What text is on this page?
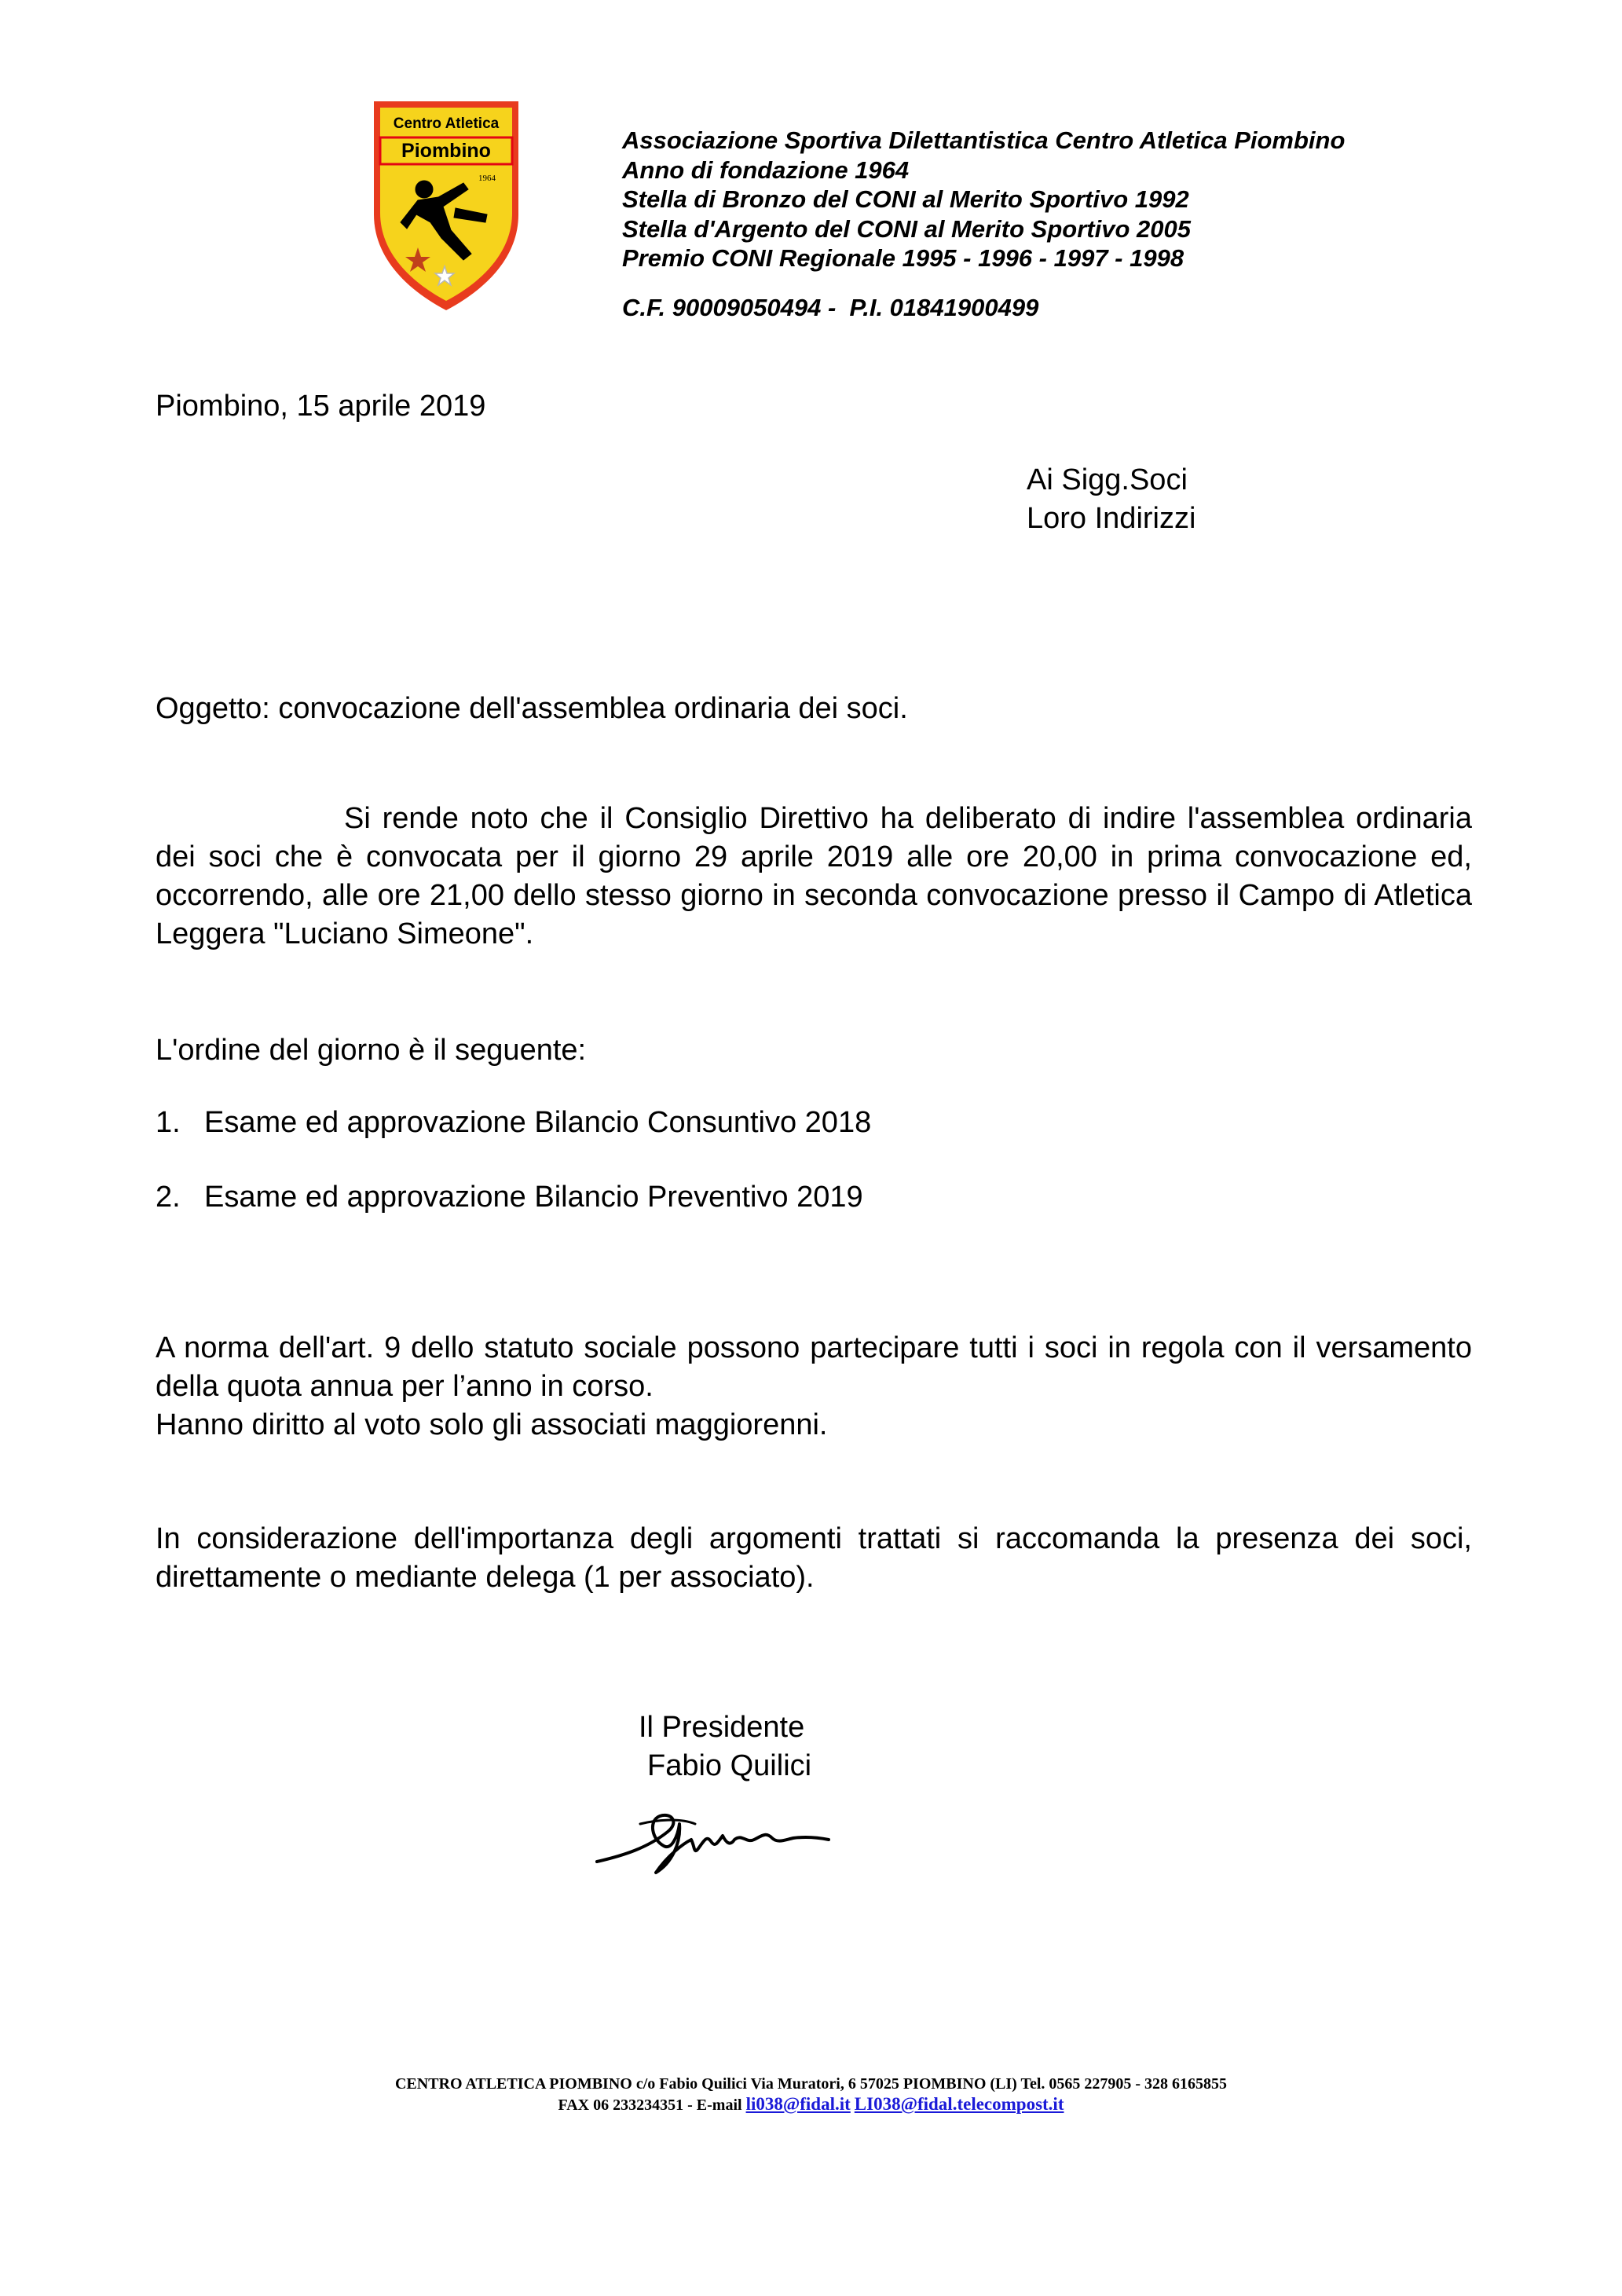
Centro Atletica
Piombino
1964
Associazione Sportiva Dilettantistica Centro Atletica Piombino
Anno di fondazione 1964
Stella di Bronzo del CONI al Merito Sportivo 1992
Stella d'Argento del CONI al Merito Sportivo 2005
Premio CONI Regionale 1995 - 1996 - 1997 - 1998
C.F. 90009050494 -  P.I. 01841900499
Piombino, 15 aprile 2019
Ai Sigg.Soci
Loro Indirizzi
Oggetto: convocazione dell'assemblea ordinaria dei soci.
Si rende noto che il Consiglio Direttivo ha deliberato di indire l'assemblea ordinaria dei soci che è convocata per il giorno 29 aprile 2019 alle ore 20,00 in prima convocazione ed, occorrendo, alle ore 21,00 dello stesso giorno in seconda convocazione presso il Campo di Atletica Leggera "Luciano Simeone".
L'ordine del giorno è il seguente:
1. Esame ed approvazione Bilancio Consuntivo 2018
2. Esame ed approvazione Bilancio Preventivo 2019
A norma dell'art. 9 dello statuto sociale possono partecipare tutti i soci in regola con il versamento della quota annua per l’anno in corso.
Hanno diritto al voto solo gli associati maggiorenni.
In considerazione dell'importanza degli argomenti trattati si raccomanda la presenza dei soci, direttamente o mediante delega (1 per associato).
Il Presidente
Fabio Quilici
CENTRO ATLETICA PIOMBINO c/o Fabio Quilici Via Muratori, 6 57025 PIOMBINO (LI) Tel. 0565 227905 - 328 6165855
FAX 06 233234351 - E-mail li038@fidal.it LI038@fidal.telecompost.it
